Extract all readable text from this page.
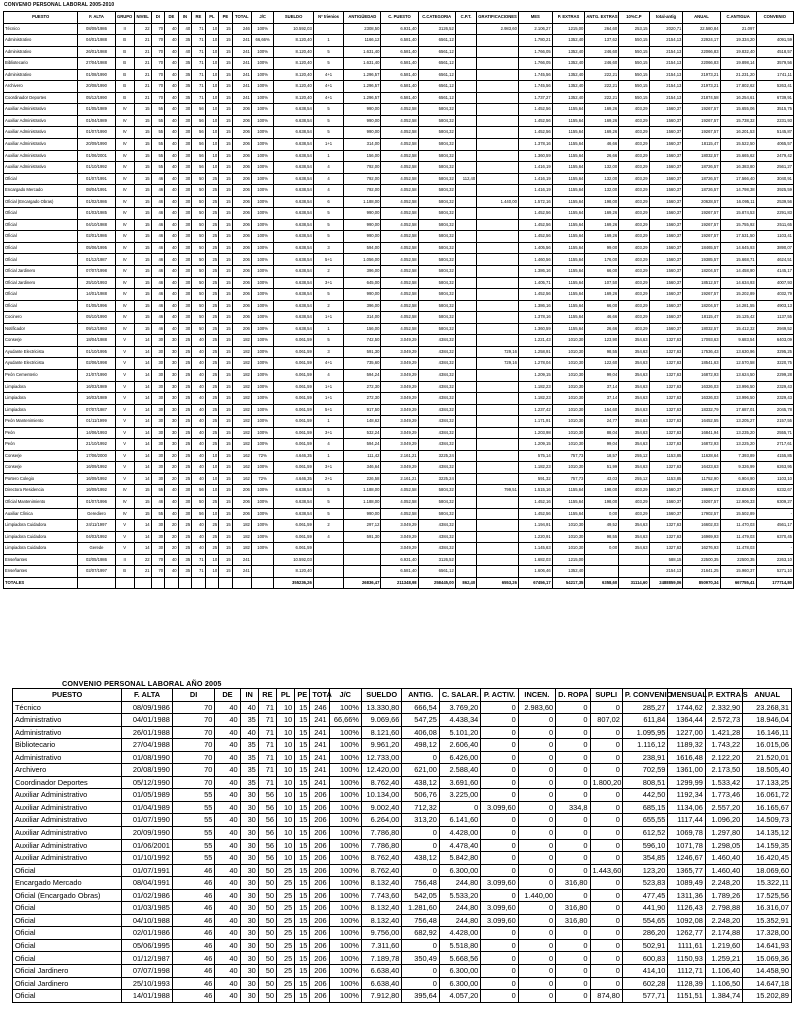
CONVENIO PERSONAL LABORAL 2005-2010
PUESTO	F. ALTA	GRUPO	NIVEL	DI	DE	IN	RE	PL	PE	TOTAL	J/C	SUELDO	Nº trienios	ANTIGÜEDAD	C. PUESTO	C.CATEGORIA	C.P.T.	GRATIFICACIONES	MES	P. EXTRAS	ANTG. EXTRAS	10%C.P	total-antig	ANUAL	C.ANTIGUA	CONVENIO
Técnico	08/09/1986	II	22	70	40	40	71	10	15	246	100%	10.592,03		2308,50	6.931,40	3126,52		2.983,60	2.106,27	1215,00	264,60	253,15	2020,71	22.580,84	21.097	
Administrativo	04/01/1988	B	21	70	40	35	71	10	15	241	66,66%	8.120,40	1	1166,12	6.581,40	6561,12			1.780,21	1352,40	137,62	550,15	2154,13	22924,17	19.334,20	4091,59
Administrativo	26/01/1988	B	21	70	40	40	71	10	15	241	100%	8.120,40	5	1.631,40	6.581,40	6561,12			1.766,05	1352,40	246,60	550,15	2154,13	22066,83	19.832,40	4518,57
Bibliotecario	27/04/1988	B	21	70	40	35	71	10	15	241	100%	8.120,40	5	1.631,40	6.581,40	6561,12			1.766,05	1352,40	246,60	550,15	2154,13	22066,83	19.898,14	3579,56
Administrativo	01/08/1990	B	21	70	40	35	71	10	15	241	100%	8.120,40	4+1	1.296,57	6.581,40	6561,12			1.745,56	1352,40	222,21	550,15	2154,13	21973,21	21.231,20	1741,11
Archivero	20/08/1990	B	21	70	40	35	71	10	15	241	100%	8.120,40	4+1	1.296,57	6.581,40	6561,12			1.745,56	1352,40	222,21	550,15	2154,13	21973,21	17.802,62	5263,41
Coordinador Deportes	05/12/1990	B	21	70	40	35	71	10	15	241	100%	8.120,40	4+1	1.296,57	6.581,40	6561,12			1.737,27	1352,40	222,21	550,15	2154,13	21874,58	16.254,61	6739,91
Auxiliar Administrativo	01/05/1989	IV	15	55	40	30	56	10	15	206	100%	6.638,54	5	990,00	4.052,58	5804,32			1.452,56	1155,64	169,26	403,29	1560,37	19267,57	15.655,06	3515,75
Auxiliar Administrativo	01/04/1989	IV	15	55	40	30	56	10	15	206	100%	6.638,54	5	990,00	4.052,58	5804,32			1.452,56	1155,64	169,26	403,29	1560,37	19267,57	15.738,32	2231,93
Auxiliar Administrativo	01/07/1990	IV	15	55	40	30	56	10	15	206	100%	6.638,54	5	990,00	4.052,58	5804,32			1.452,56	1155,64	169,26	403,29	1560,37	19267,57	16.201,53	5145,87
Auxiliar Administrativo	20/09/1990	IV	15	55	40	30	56	10	15	206	100%	6.638,54	1+1	314,00	4.052,58	5804,32			1.378,16	1155,64	46,66	403,29	1560,37	18115,47	15.522,50	4065,57
Auxiliar Administrativo	01/06/2001	IV	15	55	40	30	56	10	15	206	100%	6.638,54	1	156,00	4.052,58	5804,32			1.360,59	1155,64	26,66	403,29	1560,37	18032,57	15.665,62	2479,42
Auxiliar Administrativo	01/10/1992	IV	15	55	40	30	56	10	15	206	100%	6.638,54	4	792,00	4.052,58	5804,32			1.416,19	1155,64	132,00	403,29	1560,37	18726,57	16.383,80	2561,27
Oficial	01/07/1991	IV	15	46	40	30	50	25	15	206	100%	6.638,54	4	792,00	4.052,58	5804,32	112,40		1.416,19	1155,64	132,00	403,29	1560,37	18726,57	17.566,40	3040,91
Encargado Mercado	08/04/1991	IV	15	46	40	30	50	25	15	206	100%	6.638,54	4	792,00	4.052,58	5804,32			1.416,19	1155,64	132,00	403,29	1560,37	18726,57	14.798,38	3925,59
Oficial (Encargado Obras)	01/02/1986	IV	15	46	40	30	50	25	15	206	100%	6.638,54	6	1.188,00	4.052,58	5804,32		1.440,00	1.572,16	1155,64	198,00	403,29	1560,37	20628,57	16.095,11	2539,56
Oficial	01/03/1985	IV	15	46	40	30	50	25	15	206	100%	6.638,54	5	990,00	4.052,58	5804,32			1.452,56	1155,64	169,26	403,29	1560,37	19267,57	15.874,53	2291,83
Oficial	04/10/1988	IV	15	46	40	30	50	25	15	206	100%	6.638,54	5	990,00	4.052,58	5804,32			1.452,56	1155,64	169,26	403,29	1560,37	19267,57	15.755,92	2511,65
Oficial	02/01/1986	IV	15	46	40	30	50	25	15	206	100%	6.638,54	5	990,00	4.052,58	5804,32			1.452,56	1155,64	169,26	403,29	1560,37	19267,57	17.531,50	1103,41
Oficial	05/06/1995	IV	15	46	40	30	50	25	15	206	100%	6.638,54	3	594,00	4.052,58	5804,32			1.405,56	1155,64	99,00	403,29	1560,37	18465,57	14.645,93	3890,07
Oficial	01/12/1987	IV	15	46	40	30	50	25	15	206	100%	6.638,54	5+1	1.056,00	4.052,58	5804,32			1.460,56	1155,64	176,00	403,29	1560,37	19385,57	15.668,71	4624,51
Oficial Jardinero	07/07/1998	IV	15	46	40	30	50	25	15	206	100%	6.638,54	2	396,00	4.052,58	5804,32			1.386,16	1155,64	66,00	403,29	1560,37	18204,57	14.458,90	4145,17
Oficial Jardinero	25/10/1993	IV	15	46	40	30	50	25	15	206	100%	6.638,54	3+1	645,00	4.052,58	5804,32			1.405,71	1155,64	107,50	403,29	1560,37	18512,57	14.634,93	4007,93
Oficial	14/01/1988	IV	15	46	40	30	50	25	15	206	100%	6.638,54	5	990,00	4.052,58	5804,32			1.452,56	1155,64	169,26	403,29	1560,37	19267,57	15.202,89	4032,79
Oficial	01/05/1996	IV	15	46	40	30	50	25	15	206	100%	6.638,54	2	396,00	4.052,58	5804,32			1.386,16	1155,64	66,00	403,29	1560,37	18204,57	14.281,55	4903,13
Cocinero	05/10/1990	IV	15	46	40	30	50	25	15	206	100%	6.638,54	1+1	314,00	4.052,58	5804,32			1.378,16	1155,64	46,66	403,29	1560,37	18115,47	15.125,42	1137,55
Notificador	09/12/1993	IV	15	46	40	30	50	25	15	206	100%	6.638,54	1	156,00	4.052,58	5804,32			1.360,59	1155,64	26,66	403,29	1560,37	18032,57	15.412,32	2949,52
Conserje	18/04/1988	V	14	30	30	25	40	25	15	182	100%	6.061,59	5	742,50	3.049,29	4384,32			1.221,43	1010,30	123,90	354,63	1327,63	17093,63	9.683,54	6403,09
Ayudante Electricista	01/10/1995	V	14	30	30	25	40	25	15	182	100%	6.061,59	3	591,30	3.049,29	4384,32		729,16	1.258,91	1010,30	98,55	354,63	1327,63	17536,43	13.630,96	3295,25
Ayudante Electricista	02/06/1998	V	14	30	30	25	40	25	15	182	100%	6.061,59	4+1	735,60	3.049,29	4384,32		729,16	1.278,04	1010,30	122,60	354,63	1327,63	18541,63	12.570,58	3220,75
Peón Cementerio	21/07/1990	V	14	30	30	25	40	25	15	182	100%	6.061,59	4	594,24	3.049,29	4384,32			1.209,15	1010,30	99,04	354,63	1327,63	16872,93	13.624,50	2299,28
Limpiadora	16/03/1989	V	14	30	30	25	40	25	15	182	100%	6.061,59	1+1	272,30	3.049,29	4384,32			1.182,23	1010,30	37,14	354,63	1327,63	16326,03	13.996,50	2329,43
Limpiadora	16/03/1989	V	14	30	30	25	40	25	15	182	100%	6.061,59	1+1	272,30	3.049,29	4384,32			1.182,23	1010,30	37,14	354,63	1327,63	16326,03	13.996,50	2329,43
Limpiadora	07/07/1987	V	14	30	30	25	40	25	15	182	100%	6.061,59	5+1	917,50	3.049,29	4384,32			1.237,42	1010,30	154,60	354,63	1327,63	18332,79	17.687,01	2045,78
Peón Mantenimiento	01/11/1999	V	14	30	30	25	40	25	15	182	100%	6.061,59	1	148,62	3.049,29	4384,32			1.171,91	1010,30	24,77	354,63	1327,63	16452,55	13.205,27	2157,55
Peón	14/06/1993	V	14	30	30	25	40	25	15	182	100%	6.061,59	3+1	532,24	3.049,29	4384,32			1.203,98	1010,30	88,04	354,63	1327,63	16841,94	13.235,20	2555,71
Peón	21/10/1992	V	14	30	30	25	40	25	15	182	100%	6.061,59	4	594,24	3.049,29	4384,32			1.209,15	1010,30	99,04	354,63	1327,63	16872,93	13.225,20	2717,61
Conserje	17/06/2000	V	14	30	20	25	40	10	15	162	72%	4.646,35	1	111,42	2.161,21	3225,24			575,14	757,73	18,57	255,12	1153,85	11628,64	7.393,89	4155,85
Conserje	16/09/1992	V	14	30	20	25	40	10	15	162	100%	6.061,59	3+1	346,64	3.049,29	4384,32			1.182,23	1010,30	51,99	354,63	1327,63	16423,63	9.326,99	6263,95
Portero Colegio	16/09/1992	V	14	30	20	25	40	10	15	162	72%	4.646,35	2+1	226,58	2.161,21	3225,24			591,32	757,73	43,03	255,12	1153,85	11752,90	6.904,90	1103,10
Directora Residencia	16/09/1992	IV	15	55	40	30	56	10	15	206	100%	6.638,54	5	1.188,00	4.052,58	5804,32		799,51	1.515,16	1155,64	198,00	403,29	1560,37	19696,17	12.826,00	6232,67
Oficial Mantenimiento	01/07/1996	IV	15	46	40	30	50	25	15	206	100%	6.638,54	5	1.188,00	4.052,58	5804,32			1.452,16	1155,64	198,00	403,29	1560,37	19267,57	12.906,33	6309,27
Auxiliar Clínica	Gerediero	IV	15	55	40	30	56	10	15	206	100%	6.638,54	5	990,00	4.052,58	5804,32			1.452,56	1155,64	0,00	403,29	1560,37	17902,57	15.502,89	-
Limpiadora Cuidadora	24/11/1997	V	14	30	20	25	40	25	15	182	100%	6.061,59	2	297,12	3.049,29	4384,32			1.194,91	1010,30	49,52	354,63	1327,63	16602,03	11.470,03	4561,17
Limpiadora Cuidadora	04/03/1992	V	14	30	20	25	40	25	15	182	100%	6.061,59	4	591,30	3.049,29	4384,32			1.220,91	1010,30	98,55	354,63	1327,63	16969,93	11.479,03	6370,45
Limpiadora Cuidadora	Gerede	V	14	30	20	25	40	25	15	182	100%	6.061,59			3.049,29	4384,32			1.145,63	1010,30	0,00	354,63	1327,63	16276,93	11.478,03	-
Enseñantes	02/05/1986	II	22	70	40	35	71	10	15	241		10.592,03			6.931,40	3126,52			1.682,03	1215,00			588,15	22500,35	22500,35	2263,10
Enseñantes	02/07/1997	B	21	70	40	35	71	10	15	241		8.120,40			6.581,40	6561,12			1.606,46	1352,40			2154,13	21641,25	15.960,37	5271,10
TOTALES												355236,26		26836,47	211348,98	258445,00	862,40	6553,26	67456,17	54217,35	6358,60	31114,60	2488859,06	850970,34	667755,41	177714,80
CONVENIO PERSONAL LABORAL AÑO 2005
PUESTO	F. ALTA	DI	DE	IN	RE	PL	PE	TOTA	J/C	SUELDO	ANTIG.	C. SALAR.	P. ACTIV.	INCEN.	D. ROPA	SUPLI	P. CONVENIO	MENSUAL	P. EXTRA S	ANUAL
Técnico	08/09/1986	70	40	40	71	10	15	246	100%	13.330,80	666,54	3.769,20	0	2.983,60	0	0	285,27	1744,62	2.332,90	23.268,31
Administrativo	04/01/1988	70	40	35	71	10	15	241	66,66%	9.069,66	547,25	4.438,34	0	0	0	807,02	611,84	1364,44	2.572,73	18.946,04
Administrativo	26/01/1988	70	40	40	71	10	15	241	100%	8.121,60	406,08	5.101,20	0	0	0	0	1.095,95	1227,00	1.421,28	16.146,11
Bibliotecario	27/04/1988	70	40	35	71	10	15	241	100%	9.961,20	498,12	2.606,40	0	0	0	0	1.116,12	1189,32	1.743,22	16.015,06
Administrativo	01/08/1990	70	40	35	71	10	15	241	100%	12.733,00	0	6.426,00	0	0	0	0	238,91	1616,48	2.122,20	21.520,01
Archivero	20/08/1990	70	40	35	71	10	15	241	100%	12.420,00	621,00	2.588,40	0	0	0	0	702,59	1361,00	2.173,50	18.505,40
Coordinador Deportes	05/12/1990	70	40	35	71	10	15	241	100%	8.762,40	438,12	3.691,60	0	0	0	1.800,20	808,51	1299,99	1.533,42	17.133,25
Auxiliar Administrativo	01/05/1989	55	40	30	56	10	15	206	100%	10.134,00	506,76	3.225,00	0	0	0	0	442,50	1192,34	1.773,46	16.061,72
Auxiliar Administrativo	01/04/1989	55	40	30	56	10	15	206	100%	9.002,40	712,32	0	3.099,60	0	334,8	0	685,15	1134,06	2.557,20	16.165,67
Auxiliar Administrativo	01/07/1990	55	40	30	56	10	15	206	100%	6.264,00	313,20	6.141,60	0	0	0	0	655,55	1117,44	1.096,20	14.509,73
Auxiliar Administrativo	20/09/1990	55	40	30	56	10	15	206	100%	7.786,80	0	4.428,00	0	0	0	0	612,52	1069,78	1.297,80	14.135,12
Auxiliar Administrativo	01/06/2001	55	40	30	56	10	15	206	100%	7.786,80	0	4.478,40	0	0	0	0	596,10	1071,78	1.298,05	14.159,35
Auxiliar Administrativo	01/10/1992	55	40	30	56	10	15	206	100%	8.762,40	438,12	5.842,80	0	0	0	0	354,85	1246,67	1.460,40	16.420,45
Oficial	01/07/1991	46	40	30	50	25	15	206	100%	8.762,40	0	6.300,00	0	0	0	1.443,60	123,20	1365,77	1.460,40	18.069,60
Encargado Mercado	08/04/1991	46	40	30	50	25	15	206	100%	8.132,40	756,48	244,80	3.099,60	0	316,80	0	523,83	1089,49	2.248,20	15.322,11
Oficial (Encargado Obras)	01/02/1986	46	40	30	50	25	15	206	100%	7.743,60	542,05	5.533,20	0	1.440,00	0	0	477,45	1311,36	1.789,26	17.525,56
Oficial	01/03/1985	46	40	30	50	25	15	206	100%	8.132,40	1.281,60	244,80	3.099,60	0	316,80	0	441,90	1126,43	2.798,88	16.316,07
Oficial	04/10/1988	46	40	30	50	25	15	206	100%	8.132,40	756,48	244,80	3.099,60	0	316,80	0	554,65	1092,08	2.248,20	15.352,91
Oficial	02/01/1986	46	40	30	50	25	15	206	100%	9.756,00	682,92	4.428,00	0	0	0	0	286,20	1262,77	2.174,88	17.328,00
Oficial	05/06/1995	46	40	30	50	25	15	206	100%	7.311,60	0	5.518,80	0	0	0	0	502,91	1111,61	1.219,60	14.641,93
Oficial	01/12/1987	46	40	30	50	25	15	206	100%	7.189,78	350,49	5.668,56	0	0	0	0	600,83	1150,93	1.259,21	15.069,36
Oficial Jardinero	07/07/1998	46	40	30	50	25	15	206	100%	6.638,40	0	6.300,00	0	0	0	0	414,10	1112,71	1.106,40	14.458,90
Oficial Jardinero	25/10/1993	46	40	30	50	25	15	206	100%	6.638,40	0	6.300,00	0	0	0	0	602,28	1128,39	1.106,50	14.647,18
Oficial	14/01/1988	46	40	30	50	25	15	206	100%	7.912,80	395,64	4.057,20	0	0	0	874,80	577,71	1151,51	1.384,74	15.202,89
